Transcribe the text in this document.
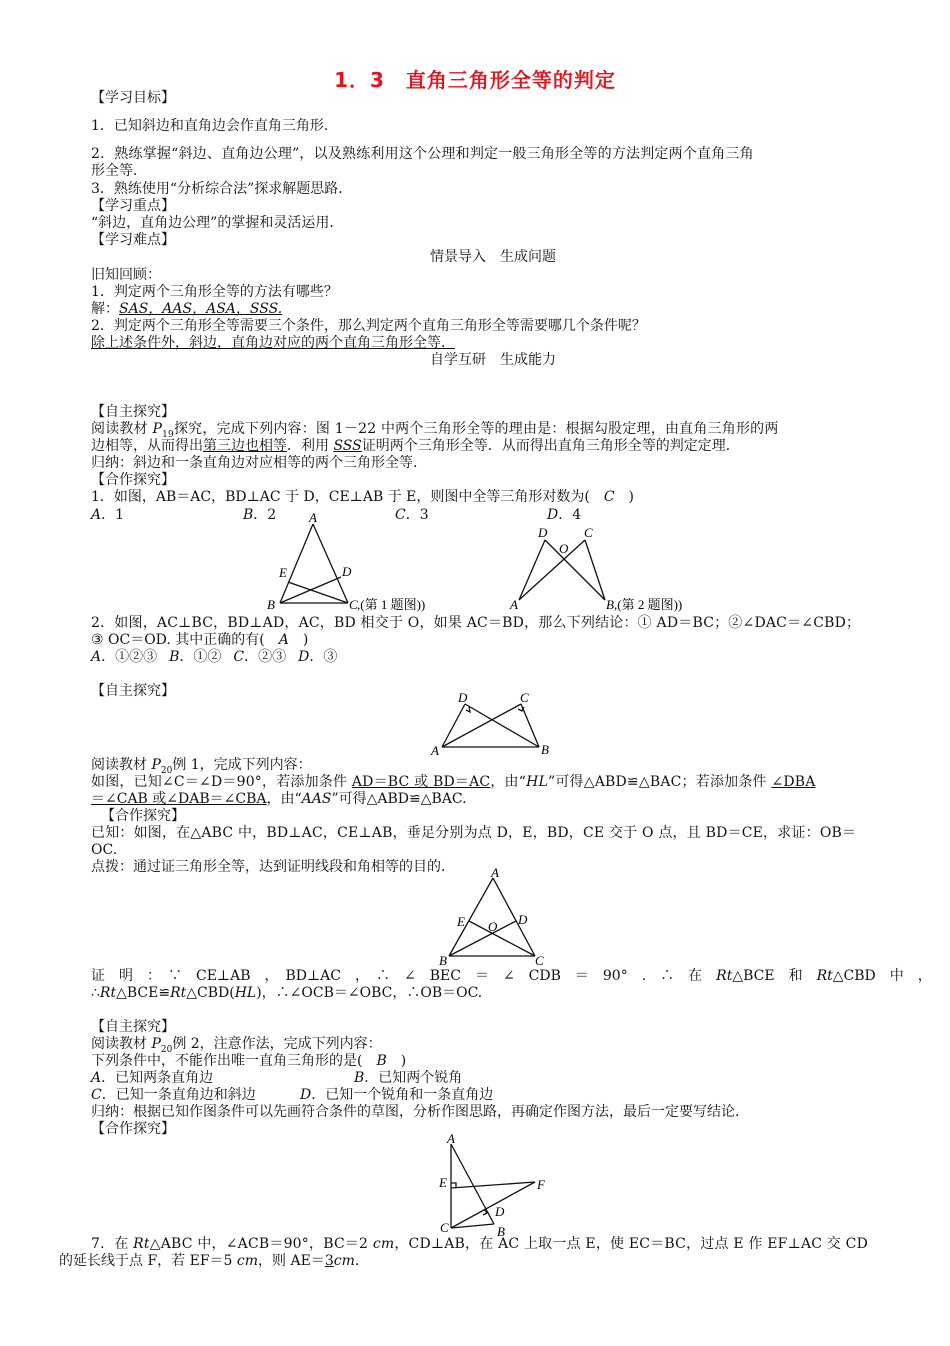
1．3　直角三角形全等的判定
【学习目标】
1．已知斜边和直角边会作直角三角形．
2．熟练掌握“斜边、直角边公理”，以及熟练利用这个公理和判定一般三角形全等的方法判定两个直角三角
形全等．
3．熟练使用“分析综合法”探求解题思路．
【学习重点】
“斜边，直角边公理”的掌握和灵活运用．
【学习难点】
情景导入　生成问题
旧知回顾：
1．判定两个三角形全等的方法有哪些？
解：SAS，AAS，ASA，SSS.
2．判定两个三角形全等需要三个条件，那么判定两个直角三角形全等需要哪几个条件呢？
除上述条件外，斜边，直角边对应的两个直角三角形全等．
自学互研　生成能力
【自主探究】
阅读教材 $P_{19}$探究，完成下列内容：图 1－22 中两个三角形全等的理由是：根据勾股定理，由直角三角形的两
边相等，从而得出第三边也相等．利用 SSS证明两个三角形全等．从而得出直角三角形全等的判定定理．
归纳：斜边和一条直角边对应相等的两个三角形全等．
【合作探究】
1．如图，AB＝AC，BD⊥AC 于 D，CE⊥AB 于 E，则图中全等三角形对数为(　C　)
A．1	B．2	C．3	D．4
A
E	D
B	C ,(第 1 题图))
D
O
C
A	B ,(第 2 题图))
2．如图，AC⊥BC，BD⊥AD，AC，BD 相交于 O，如果 AC＝BD，那么下列结论：① AD＝BC；②∠DAC＝∠CBD；
③ OC＝OD. 其中正确的有(　A　)
A．①②③ B．①② C．②③ D．③
【自主探究】	D	C
A	B
阅读教材 $P_{20}$例 1，完成下列内容：
如图，已知∠C＝∠D＝90°，若添加条件 AD＝BC 或 BD＝AC，由“HL”可得△ABD≌△BAC；若添加条件 ∠DBA
＝∠CAB 或∠DAB＝∠CBA，由“AAS”可得△ABD≌△BAC.
【合作探究】
已知：如图，在△ABC 中，BD⊥AC，CE⊥AB，垂足分别为点 D，E，BD，CE 交于 O 点，且 BD＝CE，求证：OB＝
OC.
点拨：通过证三角形全等，达到证明线段和角相等的目的．	A
E	D
O
B	C
证　明　：　∵　CE⊥AB　，　BD⊥AC　，　∴　∠　BEC　＝　∠　CDB　＝　90°　.　∴　在　Rt△BCE　和　Rt△CBD　中　，
∴Rt△BCE≌Rt△CBD(HL)，∴∠OCB＝∠OBC，∴OB＝OC.
【自主探究】
阅读教材 $P_{20}$例 2，注意作法，完成下列内容：
下列条件中，不能作出唯一直角三角形的是(　B　)
A．已知两条直角边	B．已知两个锐角
C．已知一条直角边和斜边	D．已知一个锐角和一条直角边
归纳：根据已知作图条件可以先画符合条件的草图，分析作图思路，再确定作图方法，最后一定要写结论．
【合作探究】
A
E	F
D
C	B
7．在 Rt△ABC 中，∠ACB＝90°，BC＝2 cm，CD⊥AB，在 AC 上取一点 E，使 EC＝BC，过点 E 作 EF⊥AC 交 CD
的延长线于点 F，若 EF＝5 cm，则 AE＝3cm.
